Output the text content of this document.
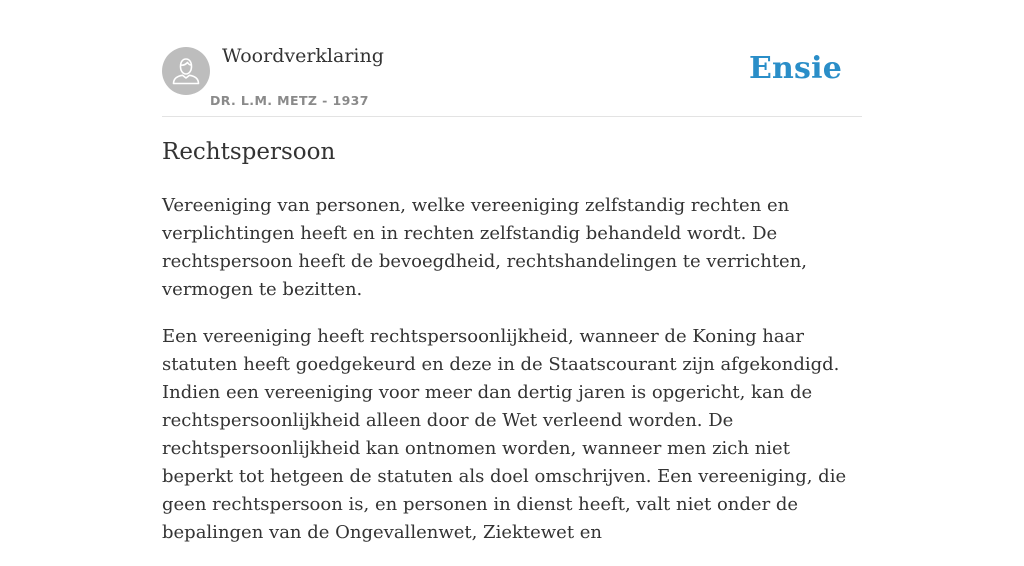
Woordverklaring
DR. L.M. METZ - 1937
Ensie
Rechtspersoon

Vereeniging van personen, welke vereeniging zelfstandig rechten en verplichtingen heeft en in rechten zelfstandig behandeld wordt. De rechtspersoon heeft de bevoegdheid, rechtshandelingen te verrichten, vermogen te bezitten.

Een vereeniging heeft rechtspersoonlijkheid, wanneer de Koning haar statuten heeft goedgekeurd en deze in de Staatscourant zijn afgekondigd. Indien een vereeniging voor meer dan dertig jaren is opgericht, kan de rechtspersoonlijkheid alleen door de Wet verleend worden. De rechtspersoonlijkheid kan ontnomen worden, wanneer men zich niet beperkt tot hetgeen de statuten als doel omschrijven. Een vereeniging, die geen rechtspersoon is, en personen in dienst heeft, valt niet onder de bepalingen van de Ongevallenwet, Ziektewet en
